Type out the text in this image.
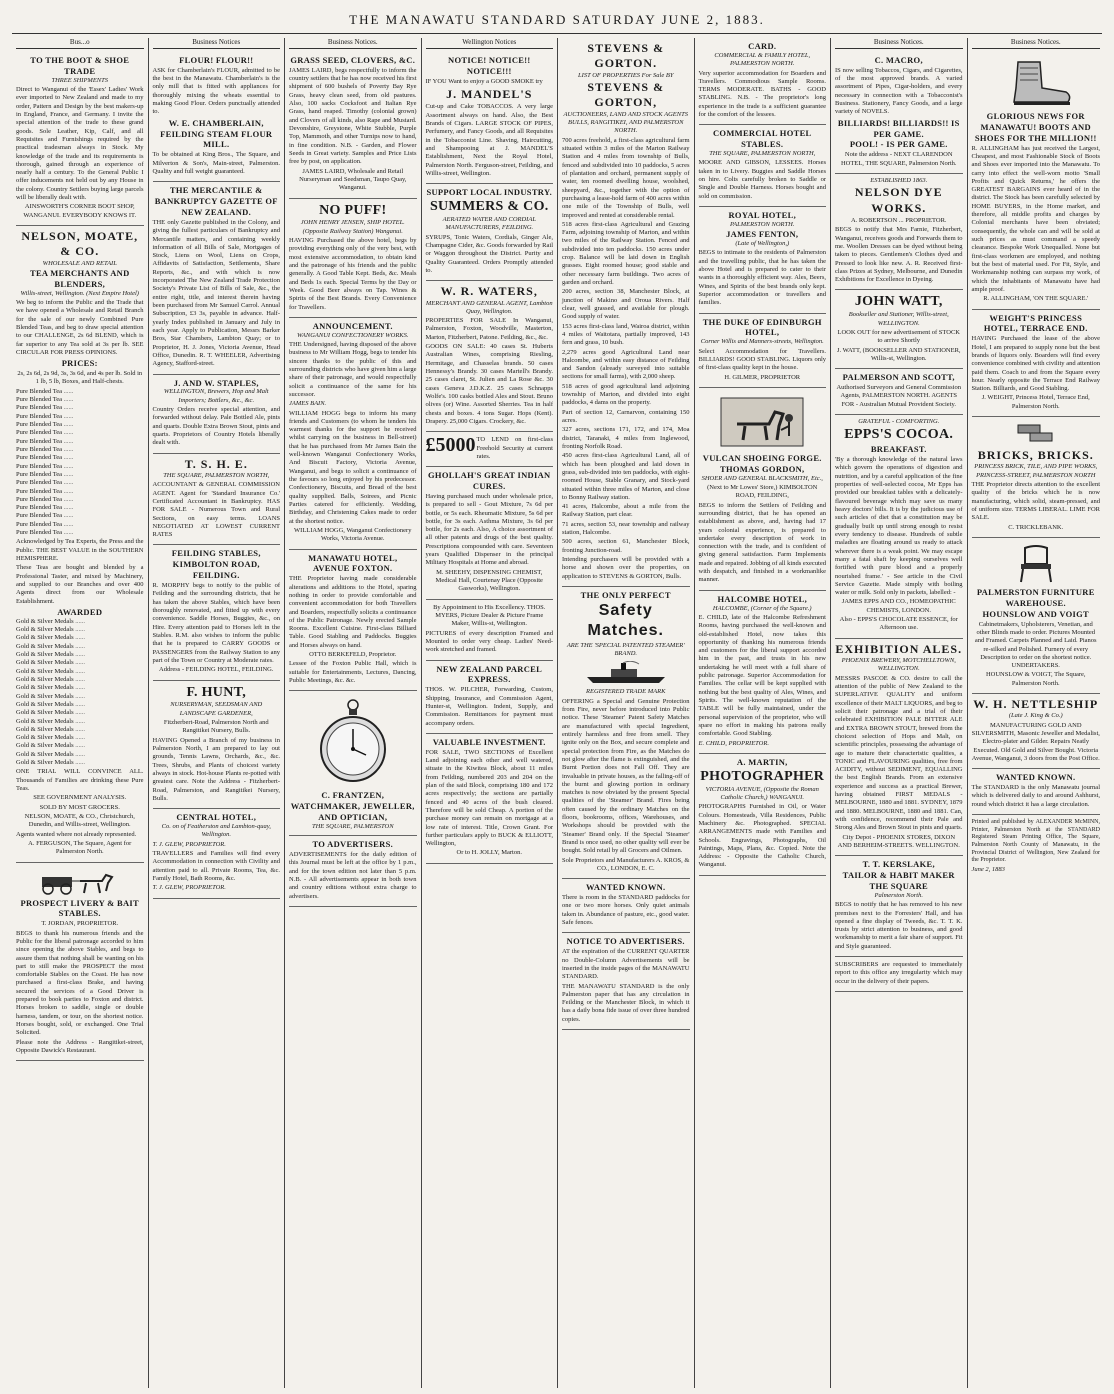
THE MANAWATU STANDARD SATURDAY JUNE 2, 1883.
Bus...o
TO THE BOOT & SHOE TRADE
THREE SHIPMENTS

Direct to Wanganui of the 'Essex' Ladies' Work ever imported to New Zealand and made to my order, Pattern and Design by the best makers-up in England, France, and Germany. I invite the special attention of the trade to these grand goods. Sole Leather, Kip, Calf, and all Requisites and Furnishings required by the practical tradesman always in Stock. My knowledge of the trade and its requirements is thorough, gained through an experience of nearly half a century. To the General Public I offer inducements not held out by any House in the colony. Country Settlers buying large parcels will be liberally dealt with.

AINSWORTH'S CORNER BOOT SHOP, WANGANUI. EVERYBODY KNOWS IT.

NELSON, MOATE, & CO.
WHOLESALE AND RETAIL
TEA MERCHANTS AND BLENDERS,
Willis-street, Wellington. (Next Empire Hotel)

We beg to inform the Public and the Trade that we have opened a Wholesale and Retail Branch for the sale of our newly Combined Pure Blended Teas, and beg to draw special attention to our CHALLENGE, 2s 6d BLEND, which is far superior to any Tea sold at 3s per lb. SEE CIRCULAR FOR PRESS OPINIONS.

PRICES:

2s, 2s 6d, 2s 9d, 3s, 3s 6d, and 4s per lb. Sold in 1 lb, 5 lb, Boxes, and Half-chests.

Pure Blended Tea ......
Pure Blended Tea ......
Pure Blended Tea ......
Pure Blended Tea ......
Pure Blended Tea ......
Pure Blended Tea ......
Pure Blended Tea ......
Pure Blended Tea ......
Pure Blended Tea ......
Pure Blended Tea ......
Pure Blended Tea ......
Pure Blended Tea ......
Pure Blended Tea ......
Pure Blended Tea ......
Pure Blended Tea ......
Pure Blended Tea ......
Pure Blended Tea ......
Pure Blended Tea ......

Acknowledged by Tea Experts, the Press and the Public. THE BEST VALUE in the SOUTHERN HEMISPHERE.

These Teas are bought and blended by a Professional Taster, and mixed by Machinery, and supplied to our Branches and over 400 Agents direct from our Wholesale Establishment.

AWARDED
Gold & Silver Medals ......
Gold & Silver Medals ......
Gold & Silver Medals ......
Gold & Silver Medals ......
Gold & Silver Medals ......
Gold & Silver Medals ......
Gold & Silver Medals ......
Gold & Silver Medals ......
Gold & Silver Medals ......
Gold & Silver Medals ......
Gold & Silver Medals ......
Gold & Silver Medals ......
Gold & Silver Medals ......
Gold & Silver Medals ......
Gold & Silver Medals ......
Gold & Silver Medals ......
Gold & Silver Medals ......
Gold & Silver Medals ......

ONE TRIAL WILL CONVINCE ALL. Thousands of Families are drinking these Pure Teas.

SEE GOVERNMENT ANALYSIS.

SOLD BY MOST GROCERS.

NELSON, MOATE, & CO., Christchurch, Dunedin, and Willis-street, Wellington.

Agents wanted where not already represented.

A. FERGUSON, The Square, Agent for Palmerston North.

PROSPECT LIVERY & BAIT STABLES.

T. JORDAN, PROPRIETOR.

BEGS to thank his numerous friends and the Public for the liberal patronage accorded to him since opening the above Stables, and begs to assure them that nothing shall be wanting on his part to still make the PROSPECT the most comfortable Stables on the Coast. He has now purchased a first-class Brake, and having secured the services of a Good Driver is prepared to book parties to Foxton and district. Horses broken to saddle, single or double harness, tandem, or tour, on the shortest notice. Horses bought, sold, or exchanged. One Trial Solicited.

Please note the Address - Rangitikei-street, Opposite Dawick's Restaurant.

Business Notices
FLOUR! FLOUR!!

ASK for Chamberlain's FLOUR, admitted to be the best in the Manawatu. Chamberlain's is the only mill that is fitted with appliances for thoroughly mixing the wheats essential to making Good Flour. Orders punctually attended to.

W. E. CHAMBERLAIN, FEILDING STEAM FLOUR MILL.

To be obtained at King Bros., The Square, and Milverton & Son's, Main-street, Palmerston. Quality and full weight guaranteed.

THE MERCANTILE & BANKRUPTCY GAZETTE OF NEW ZEALAND.

THE only Gazette published in the Colony, and giving the fullest particulars of Bankruptcy and Mercantile matters, and containing weekly information of all Bills of Sale, Mortgages of Stock, Liens on Wool, Liens on Crops, Affidavits of Satisfaction, Settlements, Share Reports, &c., and with which is now incorporated The New Zealand Trade Protection Society's Private List of Bills of Sale, &c., the entire right, title, and interest therein having been purchased from Mr Samuel Carrol. Annual Subscription, £3 3s, payable in advance. Half-yearly Index published in January and July in each year. Apply to Publication, Messrs Barker Bros, Star Chambers, Lambton Quay; or to Proprietor, H. J. Jones, Victoria Avenue, Head Office, Dunedin. R. T. WHEELER, Advertising Agency, Stafford-street.

J. AND W. STAPLES,
WELLINGTON, Brewers, Hop and Malt Importers; Bottlers, &c., &c.

Country Orders receive special attention, and forwarded without delay. Pale Bottled Ale, pints and quarts. Double Extra Brown Stout, pints and quarts. Proprietors of Country Hotels liberally dealt with.

T. S. H. E.
THE SQUARE, PALMERSTON NORTH,

ACCOUNTANT & GENERAL COMMISSION AGENT. Agent for 'Standard Insurance Co.' Certificated Accountant in Bankruptcy. HAS FOR SALE - Numerous Town and Rural Sections, on easy terms. LOANS NEGOTIATED AT LOWEST CURRENT RATES

FEILDING STABLES, KIMBOLTON ROAD, FEILDING.

R. MORPHY begs to notify to the public of Feilding and the surrounding districts, that he has taken the above Stables, which have been thoroughly renovated, and fitted up with every convenience. Saddle Horses, Buggies, &c., on Hire. Every attention paid to Horses left in the Stables. R.M. also wishes to inform the public that he is prepared to CARRY GOODS or PASSENGERS from the Railway Station to any part of the Town or Country at Moderate rates.

Address - FEILDING HOTEL, FEILDING.

F. HUNT,
NURSERYMAN, SEEDSMAN AND LANDSCAPE GARDENER,

Fitzherbert-Road, Palmerston North and Rangitikei Nursery, Bulls.

HAVING Opened a Branch of my business in Palmerston North, I am prepared to lay out grounds, Tennis Lawns, Orchards, &c., &c. Trees, Shrubs, and Plants of choicest variety always in stock. Hot-house Plants re-potted with greatest care. Note the Address - Fitzherbert-Road, Palmerston, and Rangitikei Nursery, Bulls.

CENTRAL HOTEL,
Co. on of Featherston and Lambton-quay, Wellington.

T. J. GLEW, PROPRIETOR.

TRAVELLERS and Families will find every Accommodation in connection with Civility and attention paid to all. Private Rooms, Tea, &c. Family Hotel, Bath Rooms, &c.

T. J. GLEW, PROPRIETOR.

Business Notices.
GRASS SEED, CLOVERS, &C.

JAMES LAIRD, begs respectfully to inform the country settlers that he has now received his first shipment of 600 bushels of Poverty Bay Rye Grass, heavy clean seed, from old pastures. Also, 100 sacks Cocksfoot and Italian Rye Grass, hand reaped. Timothy (colonial grown) and Clovers of all kinds, also Rape and Mustard. Devonshire, Greystone, White Stubble, Purple Top, Mammoth, and other Turnips now to hand, in fine condition. N.B. - Garden, and Flower Seeds in Great variety. Samples and Price Lists free by post, on application.

JAMES LAIRD, Wholesale and Retail Nurseryman and Seedsman, Taupo Quay, Wanganui.

NO PUFF!
JOHN HENRY JENSEN, SHIP HOTEL. (Opposite Railway Station) Wanganui.

HAVING Purchased the above hotel, begs by providing everything only of the very best, with most extensive accommodation, to obtain kind and the patronage of his friends and the public generally. A Good Table Kept. Beds, &c. Meals and Beds 1s each. Special Terms by the Day or Week. Good Beer always on Tap. Wines & Spirits of the Best Brands. Every Convenience for Travellers.

ANNOUNCEMENT.
WANGANUI CONFECTIONERY WORKS.

THE Undersigned, having disposed of the above business to Mr William Hogg, begs to tender his sincere thanks to the public of this and surrounding districts who have given him a large share of their patronage, and would respectfully solicit a continuance of the same for his successor.

JAMES BAIN.

WILLIAM HOGG begs to inform his many friends and Customers (to whom he tenders his warmest thanks for the support he received whilst carrying on the business in Bell-street) that he has purchased from Mr James Bain the well-known Wanganui Confectionery Works, And Biscuit Factory, Victoria Avenue, Wanganui, and begs to solicit a continuance of the favours so long enjoyed by his predecessor. Confectionery, Biscuits, and Bread of the best quality supplied. Balls, Soirees, and Picnic Parties catered for efficiently. Wedding, Birthday, and Christening Cakes made to order at the shortest notice.

WILLIAM HOGG, Wanganui Confectionery Works, Victoria Avenue.

MANAWATU HOTEL, AVENUE FOXTON.

THE Proprietor having made considerable alterations and additions to the Hotel, sparing nothing in order to provide comfortable and convenient accommodation for both Travellers and Boarders, respectfully solicits a continuance of the Public Patronage. Newly erected Sample Rooms. Excellent Cuisine. First-class Billiard Table. Good Stabling and Paddocks. Buggies and Horses always on hand.

OTTO BERKEFELD, Proprietor.

Lessee of the Foxton Public Hall, which is suitable for Entertainments, Lectures, Dancing, Public Meetings, &c. &c.

C. FRANTZEN, WATCHMAKER, JEWELLER, AND OPTICIAN,
THE SQUARE, PALMERSTON
TO ADVERTISERS.

ADVERTISEMENTS for the daily edition of this Journal must be left at the office by 1 p.m., and for the town edition not later than 5 p.m. N.B. - All advertisements appear in both town and country editions without extra charge to advertisers.

Wellington Notices
NOTICE! NOTICE!! NOTICE!!!

IF YOU Want to enjoy a GOOD SMOKE try

J. MANDEL'S

Cut-up and Cake TOBACCOS. A very large Assortment always on hand. Also, the Best Brands of Cigars. LARGE STOCK OF PIPES, Perfumery, and Fancy Goods, and all Requisites in the Tobacconist Line. Shaving, Haircutting, and Shampooing at J. MANDEL'S Establishment, Next the Royal Hotel, Palmerston North. Ferguson-street, Feilding, and Willis-street, Wellington.

SUPPORT LOCAL INDUSTRY.
SUMMERS & CO.
AERATED WATER AND CORDIAL MANUFACTURERS, FEILDING.

SYRUPS, Tonic Waters, Cordials, Ginger Ale, Champagne Cider, &c. Goods forwarded by Rail or Waggon throughout the District. Purity and Quality Guaranteed. Orders Promptly attended to.

W. R. WATERS,
MERCHANT AND GENERAL AGENT, Lambton Quay, Wellington.

PROPERTIES FOR SALE In Wanganui, Palmerston, Foxton, Woodville, Masterton, Marton, Fitzherbert, Patone. Feilding, &c., &c.

GOODS ON SALE: 40 cases St. Huberts Australian Wines, comprising Riesling, Hermitage, and Chasselas brands. 50 cases Hennessy's Brandy. 30 cases Martell's Brandy. 25 cases claret, St. Julien and La Rose &c. 30 cases Geneva J.D.K.Z. 25 cases Schnapps Wolfe's. 100 casks bottled Ales and Stout. Bruno olives (or) Wine. Assorted Sherries. Tea in half chests and boxes. 4 tons Sugar. Hops (Kent). Drapery. 25,000 Cigars. Crockery, &c.

£5000 TO LEND on first-class Freehold Security at current rates.

GHOLLAH'S GREAT INDIAN CURES.

Having purchased much under wholesale price, is prepared to sell - Gout Mixture, 7s 6d per bottle, or 5s each. Rheumatic Mixture, 5s 6d per bottle, for 3s each. Asthma Mixture, 3s 6d per bottle, for 2s each. Also, A choice assortment of all other patents and drugs of the best quality. Prescriptions compounded with care. Seventeen years Qualified Dispenser in the principal Military Hospitals at Home and abroad.

M. SHEEHY, DISPENSING CHEMIST, Medical Hall, Courtenay Place (Opposite Gasworks), Wellington.

By Appointment to His Excellency. THOS. MYERS, Picture Dealer & Picture Frame Maker, Willis-st, Wellington.

PICTURES of every description Framed and Mounted to order very cheap. Ladies' Need-work stretched and framed.

NEW ZEALAND PARCEL EXPRESS.

THOS. W. PILCHER, Forwarding, Custom, Shipping, Insurance, and Commission Agent, Hunter-st, Wellington. Indent, Supply, and Commission. Remittances for payment must accompany orders.

VALUABLE INVESTMENT.

FOR SALE, TWO SECTIONS of Excellent Land adjoining each other and well watered, situate in the Kiwitea Block, about 11 miles from Feilding, numbered 203 and 204 on the plan of the said Block, comprising 180 and 172 acres respectively; the sections are partially fenced and 40 acres of the bush cleared. Therefore will be sold Cheap. A portion of the purchase money can remain on mortgage at a low rate of interest. Title, Crown Grant. For further particulars apply to BUCK & ELLIOTT, Wellington,

Or to H. JOLLY, Marton.

STEVENS & GORTON.
LIST OF PROPERTIES For Sale BY
STEVENS & GORTON,
AUCTIONEERS, LAND AND STOCK AGENTS BULLS, RANGITIKEI, AND PALMERSTON NORTH.

700 acres freehold, a first-class agricultural farm situated within 3 miles of the Marton Railway Station and 4 miles from township of Bulls, fenced and subdivided into 10 paddocks, 5 acres of plantation and orchard, permanent supply of water, ten roomed dwelling house, woolshed, sheepyard, &c., together with the option of purchasing a lease-hold farm of 400 acres within one mile of the Township of Bulls, well improved and rented at considerable rental.

518 acres first-class Agricultural and Grazing Farm, adjoining township of Marton, and within two miles of the Railway Station. Fenced and subdivided into ten paddocks. 150 acres under crop. Balance will be laid down in English grasses. Eight roomed house; good stable and other necessary farm buildings. Two acres of garden and orchard.

200 acres, section 38, Manchester Block, at junction of Makino and Oroua Rivers. Half clear, well grassed, and available for plough. Good supply of water.

153 acres first-class land, Wairoa district, within 4 miles of Waitotara, partially improved, 143 fern and grass, 10 bush.

2,279 acres good Agricultural Land near Halcombe, and within easy distance of Feilding and Sandon (already surveyed into suitable sections for small farms), with 2,000 sheep.

518 acres of good agricultural land adjoining township of Marton, and divided into eight paddocks, 4 dams on the property.

Part of section 12, Carnarvon, containing 150 acres.

327 acres, sections 171, 172, and 174, Moa district, Taranaki, 4 miles from Inglewood, fronting Norfolk Road.

450 acres first-class Agricultural Land, all of which has been ploughed and laid down in grass, sub-divided into ten paddocks, with eight-roomed House, Stable Granary, and Stock-yard situated within three miles of Marton, and close to Bonny Railway station.

41 acres, Halcombe, about a mile from the Railway Station, part clear.

71 acres, section 53, near township and railway station, Halcombe.

500 acres, section 61, Manchester Block, fronting Junction-road.

Intending purchasers will be provided with a horse and shown over the properties, on application to STEVENS & GORTON, Bulls.

THE ONLY PERFECT
Safety Matches.
ARE THE 'SPECIAL PATENTED STEAMER' BRAND.
REGISTERED TRADE MARK

OFFERING a Special and Genuine Protection from Fire, never before introduced into Public notice. These 'Steamer' Patent Safety Matches are manufactured with special Ingredient, entirely harmless and free from smell. They ignite only on the Box, and secure complete and special protection from Fire, as the Matches do not glow after the flame is extinguished, and the Burnt Portion does not Fall Off. They are invaluable in private houses, as the falling-off of the burnt and glowing portion in ordinary matches is now obviated by the present Special qualities of the 'Steamer' Brand. Fires being often caused by the ordinary Matches on the floors, bookrooms, offices, Warehouses, and Workshops should be provided with the 'Steamer' Brand only. If the Special 'Steamer' Brand is once used, no other quality will ever be bought. Sold retail by all Grocers and Oilmen.

Sole Proprietors and Manufacturers A. KROS, & CO., LONDON, E. C.

WANTED KNOWN.

There is room in the STANDARD paddocks for one or two more horses. Only quiet animals taken in. Abundance of pasture, etc., good water. Safe fences.

NOTICE TO ADVERTISERS.

AT the expiration of the CURRENT QUARTER no Double-Column Advertisements will be inserted in the inside pages of the MANAWATU STANDARD.

THE MANAWATU STANDARD is the only Palmerston paper that has any circulation in Feilding or the Manchester Block, in which it has a daily bona fide issue of over three hundred copies.

CARD.
COMMERCIAL & FAMILY HOTEL, PALMERSTON NORTH.

Very superior accommodation for Boarders and Travellers. Commodious Sample Rooms. TERMS MODERATE. BATHS - GOOD STABLING. N.B. - The proprietor's long experience in the trade is a sufficient guarantee for the comfort of the lessees.

COMMERCIAL HOTEL STABLES.
THE SQUARE, PALMERSTON NORTH,

MOORE AND GIBSON, LESSEES. Horses taken in to Livery. Buggies and Saddle Horses on hire. Colts carefully broken to Saddle or Single and Double Harness. Horses bought and sold on commission.

ROYAL HOTEL,
PALMERSTON NORTH.
JAMES FENTON,
(Late of Wellington,)

BEGS to intimate to the residents of Palmerston and the travelling public, that he has taken the above Hotel and is prepared to cater to their wants in a thoroughly efficient way. Ales, Beers, Wines, and Spirits of the best brands only kept. Superior accommodation or travellers and families.

THE DUKE OF EDINBURGH HOTEL,
Corner Willis and Manners-streets, Wellington.

Select Accommodation for Travellers. BILLIARDS! GOOD STABLING. Liquors only of first-class quality kept in the house.

H. GILMER, PROPRIETOR

VULCAN SHOEING FORGE.
THOMAS GORDON,
SHOER AND GENERAL BLACKSMITH, Etc.,

(Next to Mr Lowes' Store,) KIMBOLTON ROAD, FEILDING,

BEGS to inform the Settlers of Feilding and surrounding district, that he has opened an establishment as above, and, having had 17 years colonial experience, is prepared to undertake every description of work in connection with the trade, and is confident of giving general satisfaction. Farm Implements made and repaired. Jobbing of all kinds executed with despatch, and finished in a workmanlike manner.

HALCOMBE HOTEL,
HALCOMBE, (Corner of the Square.)

E. CHILD, late of the Halcombe Refreshment Rooms, having purchased the well-known and old-established Hotel, now takes this opportunity of thanking his numerous friends and customers for the liberal support accorded him in the past, and trusts in his new undertaking he will meet with a full share of public patronage. Superior Accommodation for Families. The cellar will be kept supplied with nothing but the best quality of Ales, Wines, and Spirits. The well-known reputation of the TABLE will be fully maintained, under the personal supervision of the proprietor, who will spare no effort in making his patrons really comfortable. Good Stabling.

E. CHILD, PROPRIETOR.

A. MARTIN,
PHOTOGRAPHER
VICTORIA AVENUE, (Opposite the Roman Catholic Church,) WANGANUI.

PHOTOGRAPHS Furnished in Oil, or Water Colours. Homesteads, Villa Residences, Public Machinery &c. Photographed. SPECIAL ARRANGEMENTS made with Families and Schools. Engravings, Photographs, Oil Paintings, Maps, Plans, &c. Copied. Note the Address: - Opposite the Catholic Church, Wanganui.

Business Notices.
C. MACRO,

IS now selling Tobaccos, Cigars, and Cigarettes, of the most approved brands. A varied assortment of Pipes, Cigar-holders, and every necessary in connection with a Tobacconist's Business. Stationery, Fancy Goods, and a large variety of NOVELS.

BILLIARDS! BILLIARDS!! IS PER GAME.
POOL! - IS PER GAME.

Note the address - NEXT CLARENDON HOTEL, THE SQUARE, Palmerston North.

ESTABLISHED 1863.
NELSON DYE WORKS.

A. ROBERTSON ... PROPRIETOR.

BEGS to notify that Mrs Farnie, Fitzherbert, Wanganui, receives goods and Forwards them to me. Woollen Dresses can be dyed without being taken to pieces. Gentlemen's Clothes dyed and Pressed to look like new. A. R. Received first-class Prizes at Sydney, Melbourne, and Dunedin Exhibitions for Excellence in Dyeing.

JOHN WATT,
Bookseller and Stationer, Willis-street, WELLINGTON.

LOOK OUT for new advertisement of STOCK to arrive Shortly

J. WATT, (BOOKSELLER AND STATIONER, Willis-st, Wellington.

PALMERSON AND SCOTT,

Authorised Surveyors and General Commission Agents, PALMERSTON NORTH. AGENTS FOR - Australian Mutual Provident Society.

GRATEFUL - COMFORTING.
EPPS'S COCOA.
BREAKFAST.

'By a thorough knowledge of the natural laws which govern the operations of digestion and nutrition, and by a careful application of the fine properties of well-selected cocoa, Mr Epps has provided our breakfast tables with a delicately-flavoured beverage which may save us many heavy doctors' bills. It is by the judicious use of such articles of diet that a constitution may be gradually built up until strong enough to resist every tendency to disease. Hundreds of subtle maladies are floating around us ready to attack wherever there is a weak point. We may escape many a fatal shaft by keeping ourselves well fortified with pure blood and a properly nourished frame.' - See article in the Civil Service Gazette. Made simply with boiling water or milk. Sold only in packets, labelled: -

JAMES EPPS AND CO., HOMEOPATHIC CHEMISTS, LONDON.

Also - EPPS'S CHOCOLATE ESSENCE, for Afternoon use.

EXHIBITION ALES.
PHOENIX BREWERY, MOTCHELLTOWN, WELLINGTON.

MESSRS PASCOE & CO. desire to call the attention of the public of New Zealand to the SUPERLATIVE QUALITY and uniform excellence of their MALT LIQUORS, and beg to solicit their patronage and a trial of their celebrated EXHIBITION PALE BITTER ALE and EXTRA BROWN STOUT, brewed from the choicest selection of Hops and Malt, on scientific principles, possessing the advantage of age to mature their characteristic qualities, a TONIC and FLAVOURING qualities, free from ACIDITY, without SEDIMENT, EQUALLING the best English Brands. From an extensive experience and success as a practical Brewer, having obtained FIRST MEDALS - MELBOURNE, 1880 and 1881. SYDNEY, 1879 and 1880. MELBOURNE, 1880 and 1881. Can, with confidence, recommend their Pale and Strong Ales and Brown Stout in pints and quarts.

City Depot - PHOENIX STORES, DIXON AND BERHEIM-STREETS. WELLINGTON.

T. T. KERSLAKE,
TAILOR & HABIT MAKER THE SQUARE
Palmerston North.

BEGS to notify that he has removed to his new premises next to the Forresters' Hall, and has opened a fine display of Tweeds, &c. T. T. K. trusts by strict attention to business, and good workmanship to merit a fair share of support. Fit and Style guaranteed.

SUBSCRIBERS are requested to immediately report to this office any irregularity which may occur in the delivery of their papers.

Business Notices.
GLORIOUS NEWS FOR MANAWATU! BOOTS AND SHOES FOR THE MILLION!!

R. ALLINGHAM has just received the Largest, Cheapest, and most Fashionable Stock of Boots and Shoes ever imported into the Manawatu. To carry into effect the well-worn motto 'Small Profits and Quick Returns,' he offers the GREATEST BARGAINS ever heard of in the district. The Stock has been carefully selected by HOME BUYERS, in the Home market, and therefore, all middle profits and charges by Colonial merchants have been obviated; consequently, the whole can and will be sold at such prices as must command a speedy clearance. Bespoke Work Unequalled. None but first-class workmen are employed, and nothing but the best of material used. For Fit, Style, and Workmanship nothing can surpass my work, of which the inhabitants of Manawatu have had ample proof.

R. ALLINGHAM, 'ON THE SQUARE.'

WEIGHT'S PRINCESS HOTEL, TERRACE END.

HAVING Purchased the lease of the above Hotel, I am prepared to supply none but the best brands of liquors only. Boarders will find every convenience combined with civility and attention paid them. Coach to and from the Square every hour. Nearly opposite the Terrace End Railway Station. Billiards, and Good Stabling.

J. WEIGHT, Princess Hotel, Terrace End, Palmerston North.

BRICKS, BRICKS.
PRINCESS BRICK, TILE, AND PIPE WORKS, PRINCESS-STREET, PALMERSTON NORTH

THE Proprietor directs attention to the excellent quality of the bricks which he is now manufacturing, which solid, steam-pressed, and of uniform size. TERMS LIBERAL. LIME FOR SALE.

C. TRICKLEBANK.

PALMERSTON FURNITURE WAREHOUSE.
HOUNSLOW AND VOIGT

Cabinetmakers, Upholsterers, Venetian, and other Blinds made to order. Pictures Mounted and Framed. Carpets Planned and Laid. Pianos re-silked and Polished. Furnery of every Description to order on the shortest notice. UNDERTAKERS.

HOUNSLOW & VOIGT, The Square, Palmerston North.

W. H. NETTLESHIP
(Late J. King & Co.)

MANUFACTURING GOLD AND SILVERSMITH, Masonic Jeweller and Medalist, Electro-plater and Gilder. Repairs Neatly Executed. Old Gold and Silver Bought. Victoria Avenue, Wanganui, 3 doors from the Post Office.

WANTED KNOWN.

The STANDARD is the only Manawatu journal which is delivered daily to and around Ashhurst, round which district it has a large circulation.

Printed and published by ALEXANDER McMINN, Printer, Palmerston North at the STANDARD Registered Steam Printing Office, The Square, Palmerston North County of Manawatu, in the Provincial District of Wellington, New Zealand for the Proprietor.

June 2, 1883
